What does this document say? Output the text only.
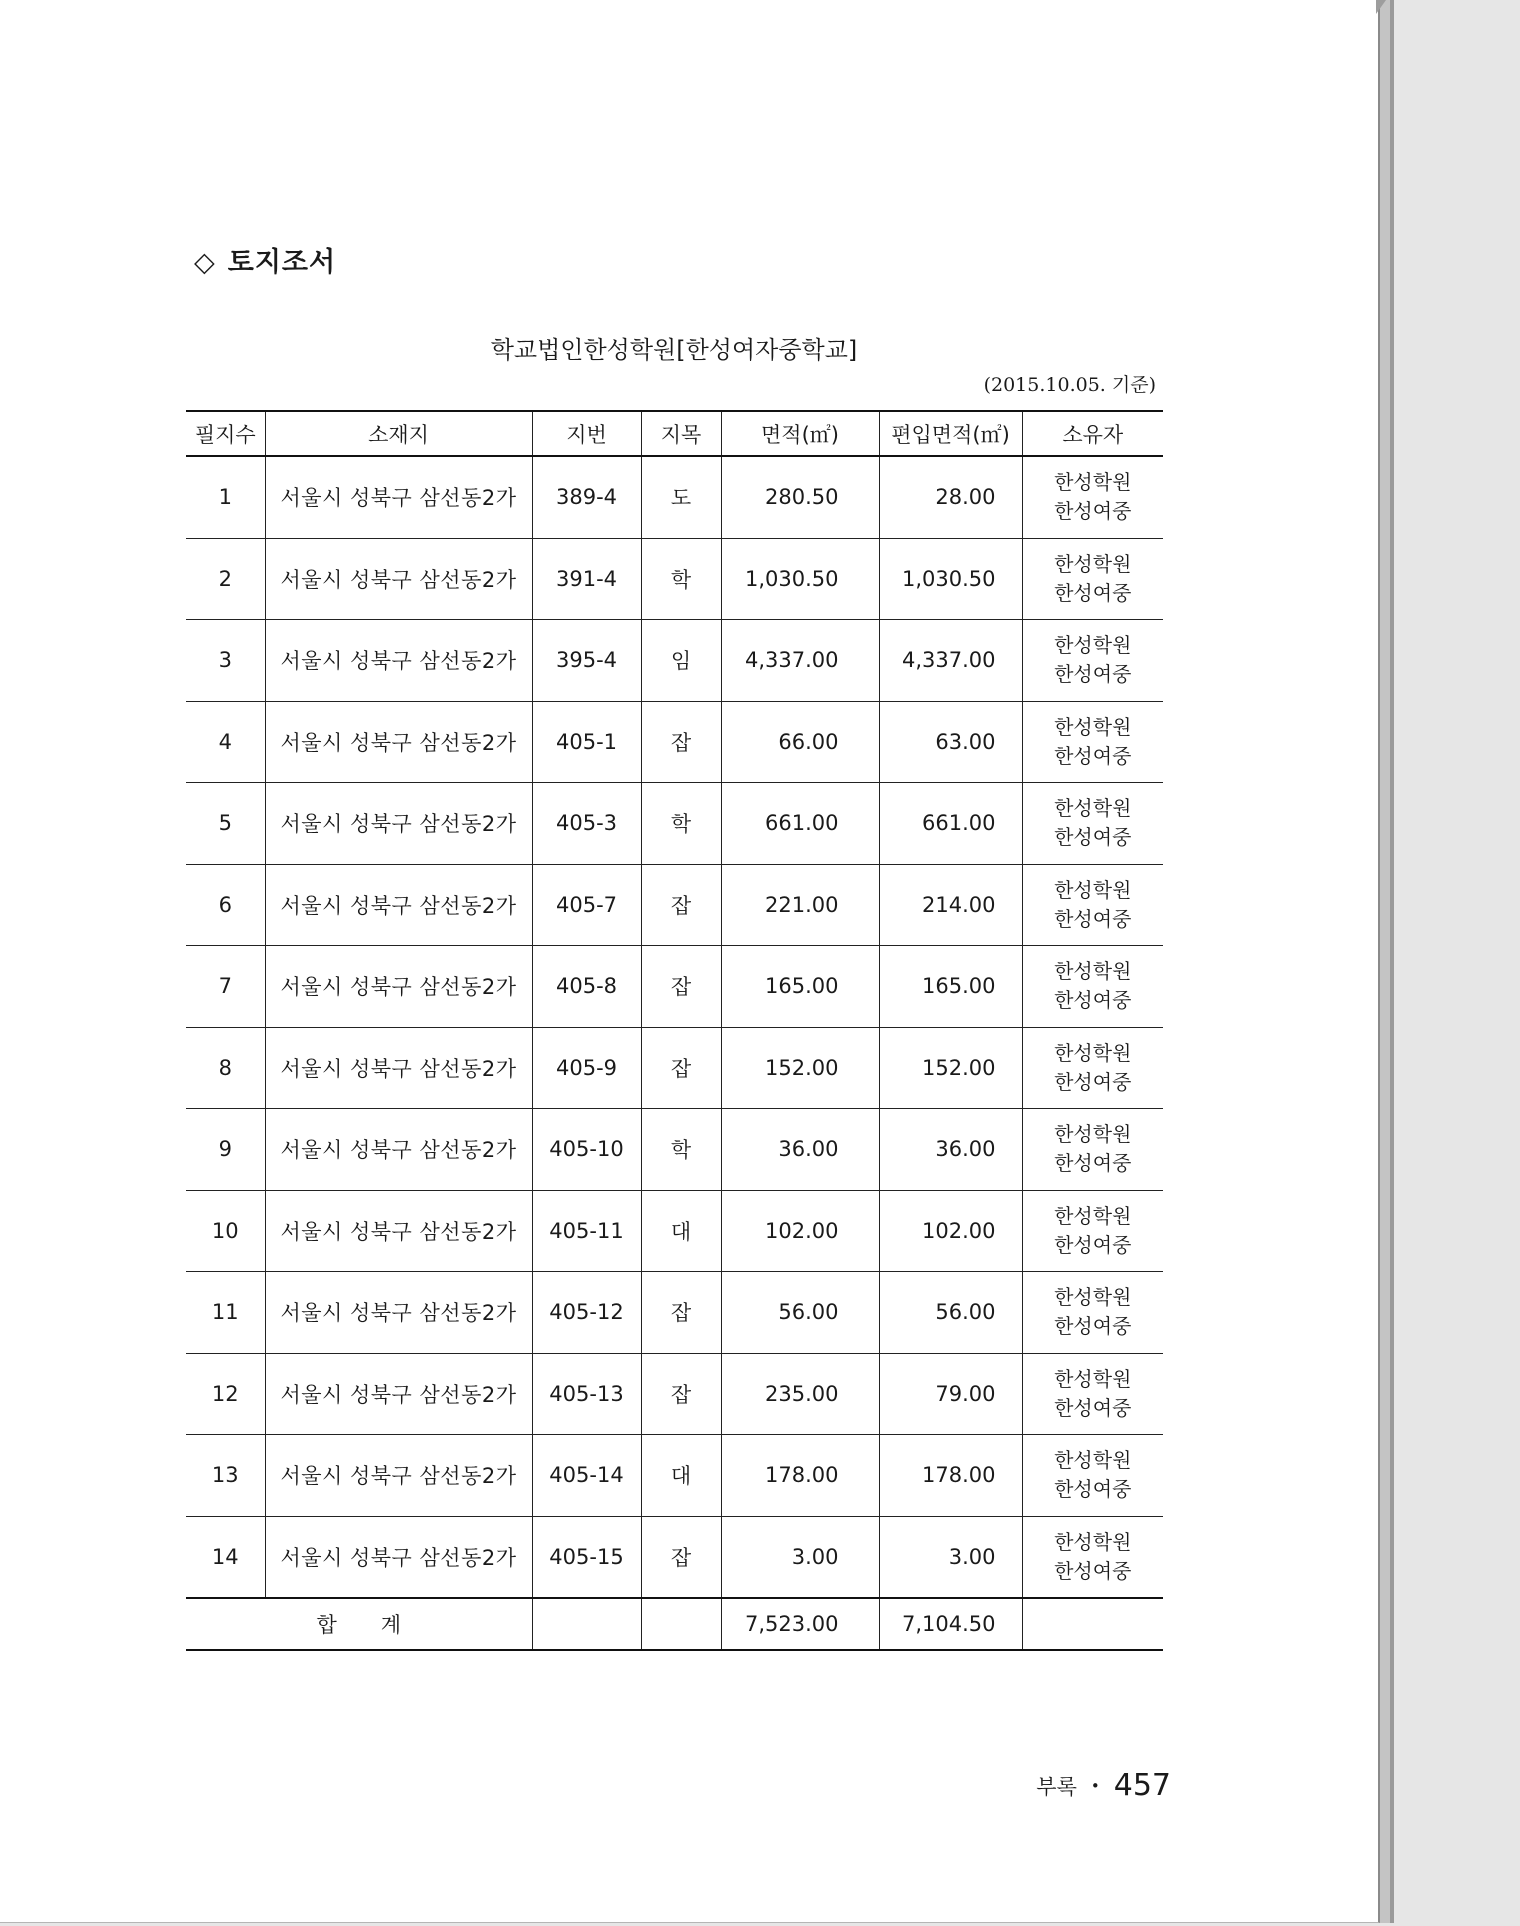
◇ 토지조서
학교법인한성학원[한성여자중학교]
(2015.10.05. 기준)
필지수	소재지	지번	지목	면적(㎡)	편입면적(㎡)	소유자
1	서울시 성북구 삼선동2가	389-4	도	280.50	28.00	한성학원
한성여중

2	서울시 성북구 삼선동2가	391-4	학	1,030.50	1,030.50	한성학원
한성여중

3	서울시 성북구 삼선동2가	395-4	임	4,337.00	4,337.00	한성학원
한성여중

4	서울시 성북구 삼선동2가	405-1	잡	66.00	63.00	한성학원
한성여중

5	서울시 성북구 삼선동2가	405-3	학	661.00	661.00	한성학원
한성여중

6	서울시 성북구 삼선동2가	405-7	잡	221.00	214.00	한성학원
한성여중

7	서울시 성북구 삼선동2가	405-8	잡	165.00	165.00	한성학원
한성여중

8	서울시 성북구 삼선동2가	405-9	잡	152.00	152.00	한성학원
한성여중

9	서울시 성북구 삼선동2가	405-10	학	36.00	36.00	한성학원
한성여중

10	서울시 성북구 삼선동2가	405-11	대	102.00	102.00	한성학원
한성여중

11	서울시 성북구 삼선동2가	405-12	잡	56.00	56.00	한성학원
한성여중

12	서울시 성북구 삼선동2가	405-13	잡	235.00	79.00	한성학원
한성여중

13	서울시 성북구 삼선동2가	405-14	대	178.00	178.00	한성학원
한성여중

14	서울시 성북구 삼선동2가	405-15	잡	3.00	3.00	한성학원
한성여중

합계				7,523.00	7,104.50	
부록 • 457
